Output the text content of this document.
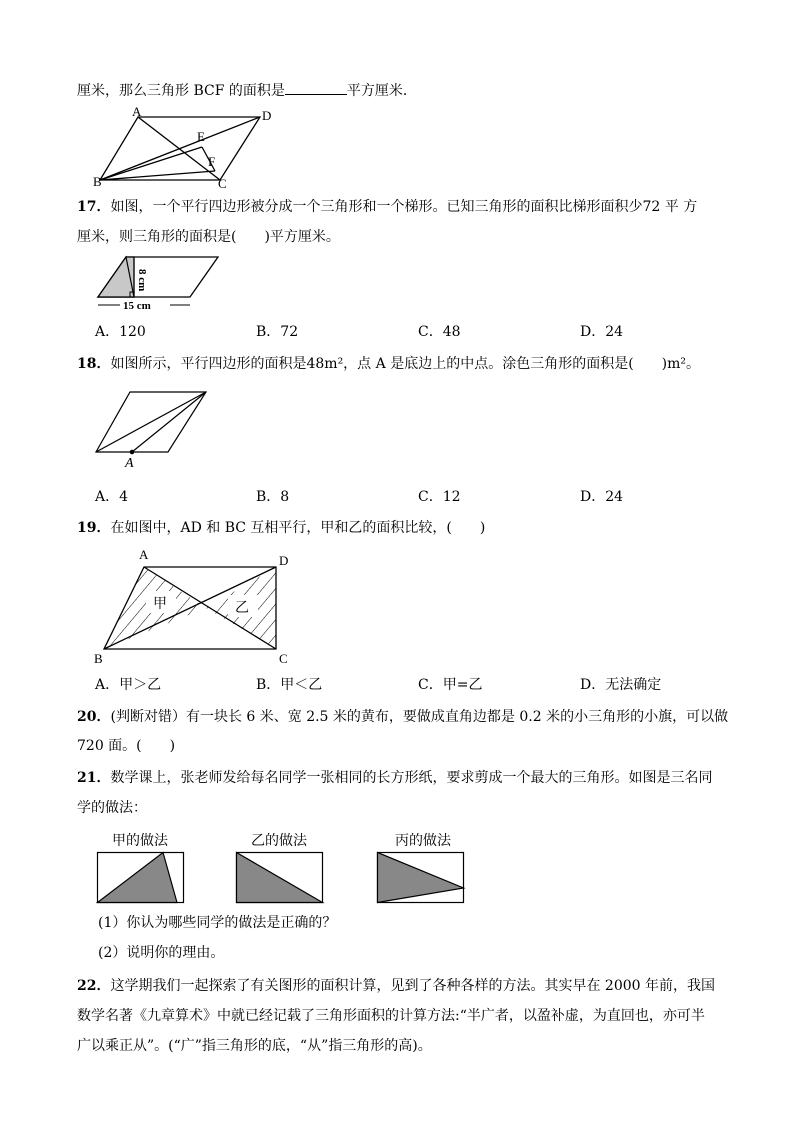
厘米，那么三角形 BCF 的面积是	平方厘米．
A	D
B	C
E
F
17．如图，一个平行四边形被分成一个三角形和一个梯形。已知三角形的面积比梯形面积少72 平 方
厘米，则三角形的面积是(　　)平方厘米。
8 cm
15 cm
A．120	B．72	C．48	D．24
18．如图所示，平行四边形的面积是48m²，点 A 是底边上的中点。涂色三角形的面积是(　　)m²。
A
A．4	B．8	C．12	D．24
19．在如图中，AD 和 BC 互相平行，甲和乙的面积比较，(　　)
A	D
B	C
甲	乙
A．甲＞乙	B．甲＜乙	C．甲=乙	D．无法确定
20．(判断对错）有一块长 6 米、宽 2.5 米的黄布，要做成直角边都是 0.2 米的小三角形的小旗，可以做
720 面。(　　)
21．数学课上，张老师发给每名同学一张相同的长方形纸，要求剪成一个最大的三角形。如图是三名同
学的做法：
甲的做法	乙的做法	丙的做法
(1）你认为哪些同学的做法是正确的？
(2）说明你的理由。
22．这学期我们一起探索了有关图形的面积计算，见到了各种各样的方法。其实早在 2000 年前，我国
数学名著《九章算术》中就已经记载了三角形面积的计算方法:“半广者，以盈补虚，为直回也，亦可半
广以乘正从”。(“广”指三角形的底，“从”指三角形的高)。
